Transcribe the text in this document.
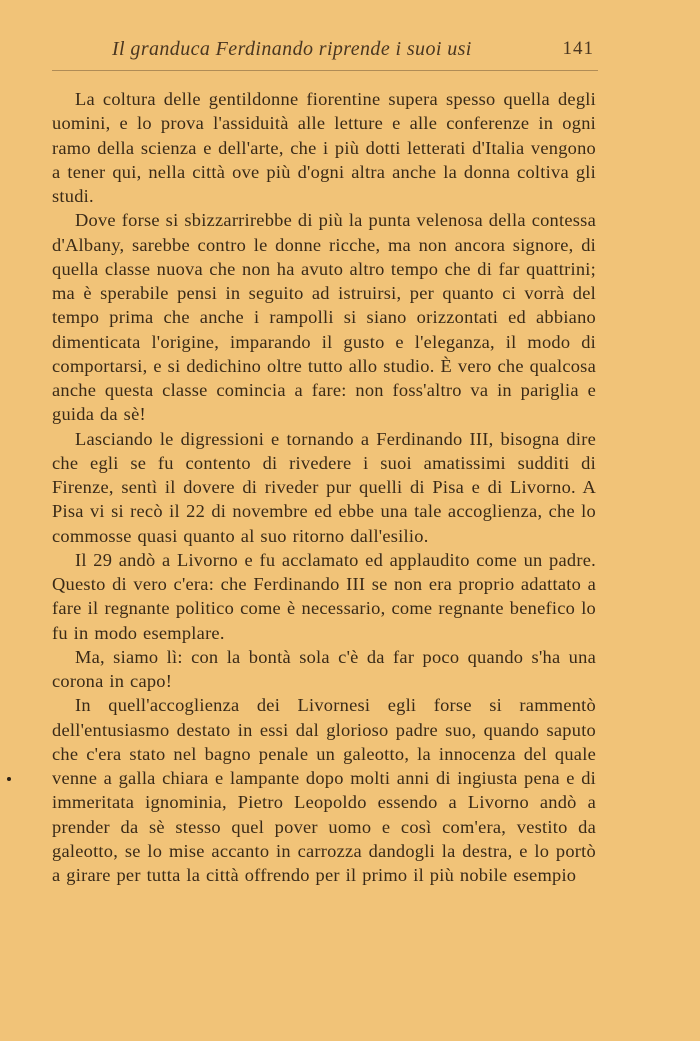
Il granduca Ferdinando riprende i suoi usi	141

La coltura delle gentildonne fiorentine supera spesso quella degli uomini, e lo prova l'assiduità alle letture e alle conferenze in ogni ramo della scienza e dell'arte, che i più dotti letterati d'Italia vengono a tener qui, nella città ove più d'ogni altra anche la donna coltiva gli studi.

Dove forse si sbizzarrirebbe di più la punta velenosa della contessa d'Albany, sarebbe contro le donne ricche, ma non ancora signore, di quella classe nuova che non ha avuto altro tempo che di far quattrini; ma è sperabile pensi in seguito ad istruirsi, per quanto ci vorrà del tempo prima che anche i rampolli si siano orizzontati ed abbiano dimenticata l'origine, imparando il gusto e l'eleganza, il modo di comportarsi, e si dedichino oltre tutto allo studio. È vero che qualcosa anche questa classe comincia a fare: non foss'altro va in pariglia e guida da sè!

Lasciando le digressioni e tornando a Ferdinando III, bisogna dire che egli se fu contento di rivedere i suoi amatissimi sudditi di Firenze, sentì il dovere di riveder pur quelli di Pisa e di Livorno. A Pisa vi si recò il 22 di novembre ed ebbe una tale accoglienza, che lo commosse quasi quanto al suo ritorno dall'esilio.

Il 29 andò a Livorno e fu acclamato ed applaudito come un padre. Questo di vero c'era: che Ferdinando III se non era proprio adattato a fare il regnante politico come è necessario, come regnante benefico lo fu in modo esemplare.

Ma, siamo lì: con la bontà sola c'è da far poco quando s'ha una corona in capo!

In quell'accoglienza dei Livornesi egli forse si rammentò dell'entusiasmo destato in essi dal glorioso padre suo, quando saputo che c'era stato nel bagno penale un galeotto, la innocenza del quale venne a galla chiara e lampante dopo molti anni di ingiusta pena e di immeritata ignominia, Pietro Leopoldo essendo a Livorno andò a prender da sè stesso quel pover uomo e così com'era, vestito da galeotto, se lo mise accanto in carrozza dandogli la destra, e lo portò a girare per tutta la città offrendo per il primo il più nobile esempio
